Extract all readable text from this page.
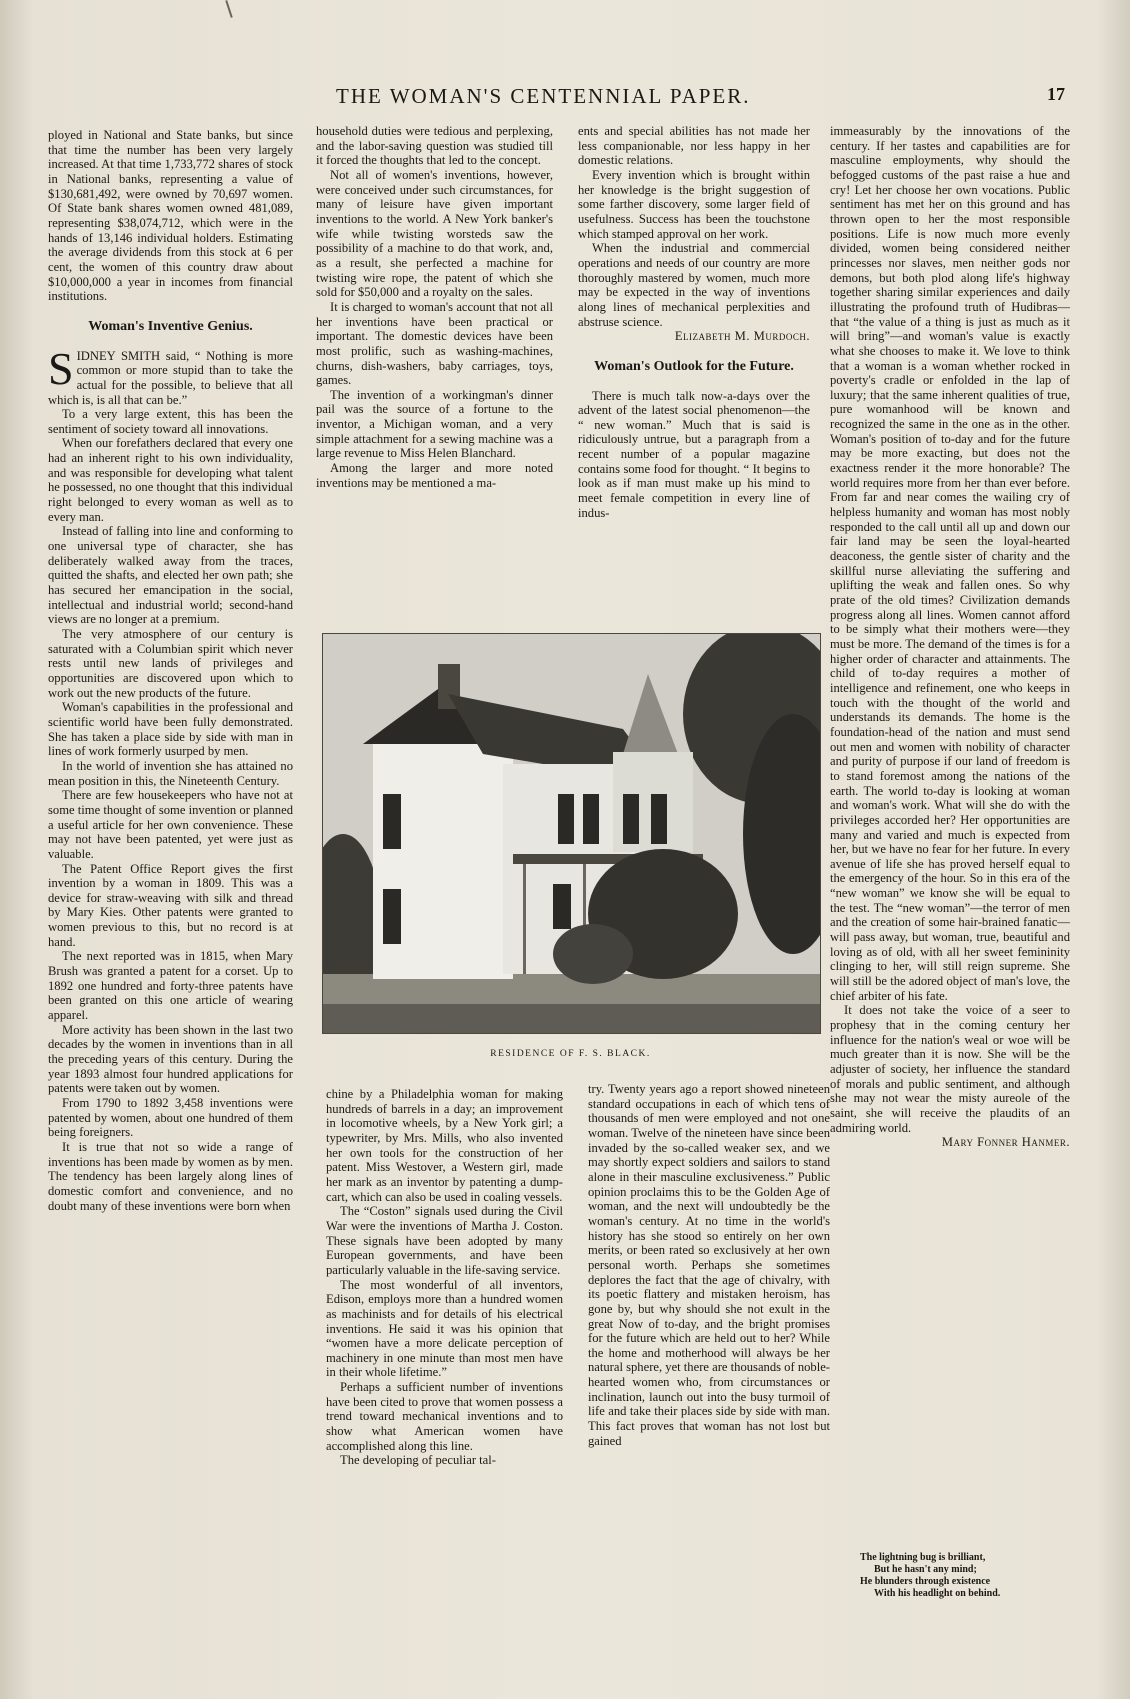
THE WOMAN'S CENTENNIAL PAPER.	17

ployed in National and State banks, but since that time the number has been very largely increased. At that time 1,733,772 shares of stock in National banks, representing a value of $130,681,492, were owned by 70,697 women. Of State bank shares women owned 481,089, representing $38,074,712, which were in the hands of 13,146 individual holders. Estimating the average dividends from this stock at 6 per cent, the women of this country draw about $10,000,000 a year in incomes from financial institutions.

Woman's Inventive Genius.

SIDNEY SMITH said, “ Nothing is more common or more stupid than to take the actual for the possible, to believe that all which is, is all that can be.”

To a very large extent, this has been the sentiment of society toward all innovations.

When our forefathers declared that every one had an inherent right to his own individuality, and was responsible for developing what talent he possessed, no one thought that this individual right belonged to every woman as well as to every man.

Instead of falling into line and conforming to one universal type of character, she has deliberately walked away from the traces, quitted the shafts, and elected her own path; she has secured her emancipation in the social, intellectual and industrial world; second-hand views are no longer at a premium.

The very atmosphere of our century is saturated with a Columbian spirit which never rests until new lands of privileges and opportunities are discovered upon which to work out the new products of the future.

Woman's capabilities in the professional and scientific world have been fully demonstrated. She has taken a place side by side with man in lines of work formerly usurped by men.

In the world of invention she has attained no mean position in this, the Nineteenth Century.

There are few housekeepers who have not at some time thought of some invention or planned a useful article for her own convenience. These may not have been patented, yet were just as valuable.

The Patent Office Report gives the first invention by a woman in 1809. This was a device for straw-weaving with silk and thread by Mary Kies. Other patents were granted to women previous to this, but no record is at hand.

The next reported was in 1815, when Mary Brush was granted a patent for a corset. Up to 1892 one hundred and forty-three patents have been granted on this one article of wearing apparel.

More activity has been shown in the last two decades by the women in inventions than in all the preceding years of this century. During the year 1893 almost four hundred applications for patents were taken out by women.

From 1790 to 1892 3,458 inventions were patented by women, about one hundred of them being foreigners.

It is true that not so wide a range of inventions has been made by women as by men. The tendency has been largely along lines of domestic comfort and convenience, and no doubt many of these inventions were born when

household duties were tedious and perplexing, and the labor-saving question was studied till it forced the thoughts that led to the concept.

Not all of women's inventions, however, were conceived under such circumstances, for many of leisure have given important inventions to the world. A New York banker's wife while twisting worsteds saw the possibility of a machine to do that work, and, as a result, she perfected a machine for twisting wire rope, the patent of which she sold for $50,000 and a royalty on the sales.

It is charged to woman's account that not all her inventions have been practical or important. The domestic devices have been most prolific, such as washing-machines, churns, dish-washers, baby carriages, toys, games.

The invention of a workingman's dinner pail was the source of a fortune to the inventor, a Michigan woman, and a very simple attachment for a sewing machine was a large revenue to Miss Helen Blanchard.

Among the larger and more noted inventions may be mentioned a ma-

ents and special abilities has not made her less companionable, nor less happy in her domestic relations.

Every invention which is brought within her knowledge is the bright suggestion of some farther discovery, some larger field of usefulness. Success has been the touchstone which stamped approval on her work.

When the industrial and commercial operations and needs of our country are more thoroughly mastered by women, much more may be expected in the way of inventions along lines of mechanical perplexities and abstruse science.

Elizabeth M. Murdoch.

Woman's Outlook for the Future.

There is much talk now-a-days over the advent of the latest social phenomenon—the “ new woman.” Much that is said is ridiculously untrue, but a paragraph from a recent number of a popular magazine contains some food for thought. “ It begins to look as if man must make up his mind to meet female competition in every line of indus-

immeasurably by the innovations of the century. If her tastes and capabilities are for masculine employments, why should the befogged customs of the past raise a hue and cry! Let her choose her own vocations. Public sentiment has met her on this ground and has thrown open to her the most responsible positions. Life is now much more evenly divided, women being considered neither princesses nor slaves, men neither gods nor demons, but both plod along life's highway together sharing similar experiences and daily illustrating the profound truth of Hudibras—that “the value of a thing is just as much as it will bring”—and woman's value is exactly what she chooses to make it. We love to think that a woman is a woman whether rocked in poverty's cradle or enfolded in the lap of luxury; that the same inherent qualities of true, pure womanhood will be known and recognized the same in the one as in the other. Woman's position of to-day and for the future may be more exacting, but does not the exactness render it the more honorable? The world requires more from her than ever before. From far and near comes the wailing cry of helpless humanity and woman has most nobly responded to the call until all up and down our fair land may be seen the loyal-hearted deaconess, the gentle sister of charity and the skillful nurse alleviating the suffering and uplifting the weak and fallen ones. So why prate of the old times? Civilization demands progress along all lines. Women cannot afford to be simply what their mothers were—they must be more. The demand of the times is for a higher order of character and attainments. The child of to-day requires a mother of intelligence and refinement, one who keeps in touch with the thought of the world and understands its demands. The home is the foundation-head of the nation and must send out men and women with nobility of character and purity of purpose if our land of freedom is to stand foremost among the nations of the earth. The world to-day is looking at woman and woman's work. What will she do with the privileges accorded her? Her opportunities are many and varied and much is expected from her, but we have no fear for her future. In every avenue of life she has proved herself equal to the emergency of the hour. So in this era of the “new woman” we know she will be equal to the test. The “new woman”—the terror of men and the creation of some hair-brained fanatic—will pass away, but woman, true, beautiful and loving as of old, with all her sweet femininity clinging to her, will still reign supreme. She will still be the adored object of man's love, the chief arbiter of his fate.

It does not take the voice of a seer to prophesy that in the coming century her influence for the nation's weal or woe will be much greater than it is now. She will be the adjuster of society, her influence the standard of morals and public sentiment, and although she may not wear the misty aureole of the saint, she will receive the plaudits of an admiring world.

Mary Fonner Hanmer.

RESIDENCE OF F. S. BLACK.

chine by a Philadelphia woman for making hundreds of barrels in a day; an improvement in locomotive wheels, by a New York girl; a typewriter, by Mrs. Mills, who also invented her own tools for the construction of her patent. Miss Westover, a Western girl, made her mark as an inventor by patenting a dump-cart, which can also be used in coaling vessels.

The “Coston” signals used during the Civil War were the inventions of Martha J. Coston. These signals have been adopted by many European governments, and have been particularly valuable in the life-saving service.

The most wonderful of all inventors, Edison, employs more than a hundred women as machinists and for details of his electrical inventions. He said it was his opinion that “women have a more delicate perception of machinery in one minute than most men have in their whole lifetime.”

Perhaps a sufficient number of inventions have been cited to prove that women possess a trend toward mechanical inventions and to show what American women have accomplished along this line.

The developing of peculiar tal-

try. Twenty years ago a report showed nineteen standard occupations in each of which tens of thousands of men were employed and not one woman. Twelve of the nineteen have since been invaded by the so-called weaker sex, and we may shortly expect soldiers and sailors to stand alone in their masculine exclusiveness.” Public opinion proclaims this to be the Golden Age of woman, and the next will undoubtedly be the woman's century. At no time in the world's history has she stood so entirely on her own merits, or been rated so exclusively at her own personal worth. Perhaps she sometimes deplores the fact that the age of chivalry, with its poetic flattery and mistaken heroism, has gone by, but why should she not exult in the great Now of to-day, and the bright promises for the future which are held out to her? While the home and motherhood will always be her natural sphere, yet there are thousands of noble-hearted women who, from circumstances or inclination, launch out into the busy turmoil of life and take their places side by side with man. This fact proves that woman has not lost but gained

The lightning bug is brilliant,
But he hasn't any mind;
He blunders through existence
With his headlight on behind.
